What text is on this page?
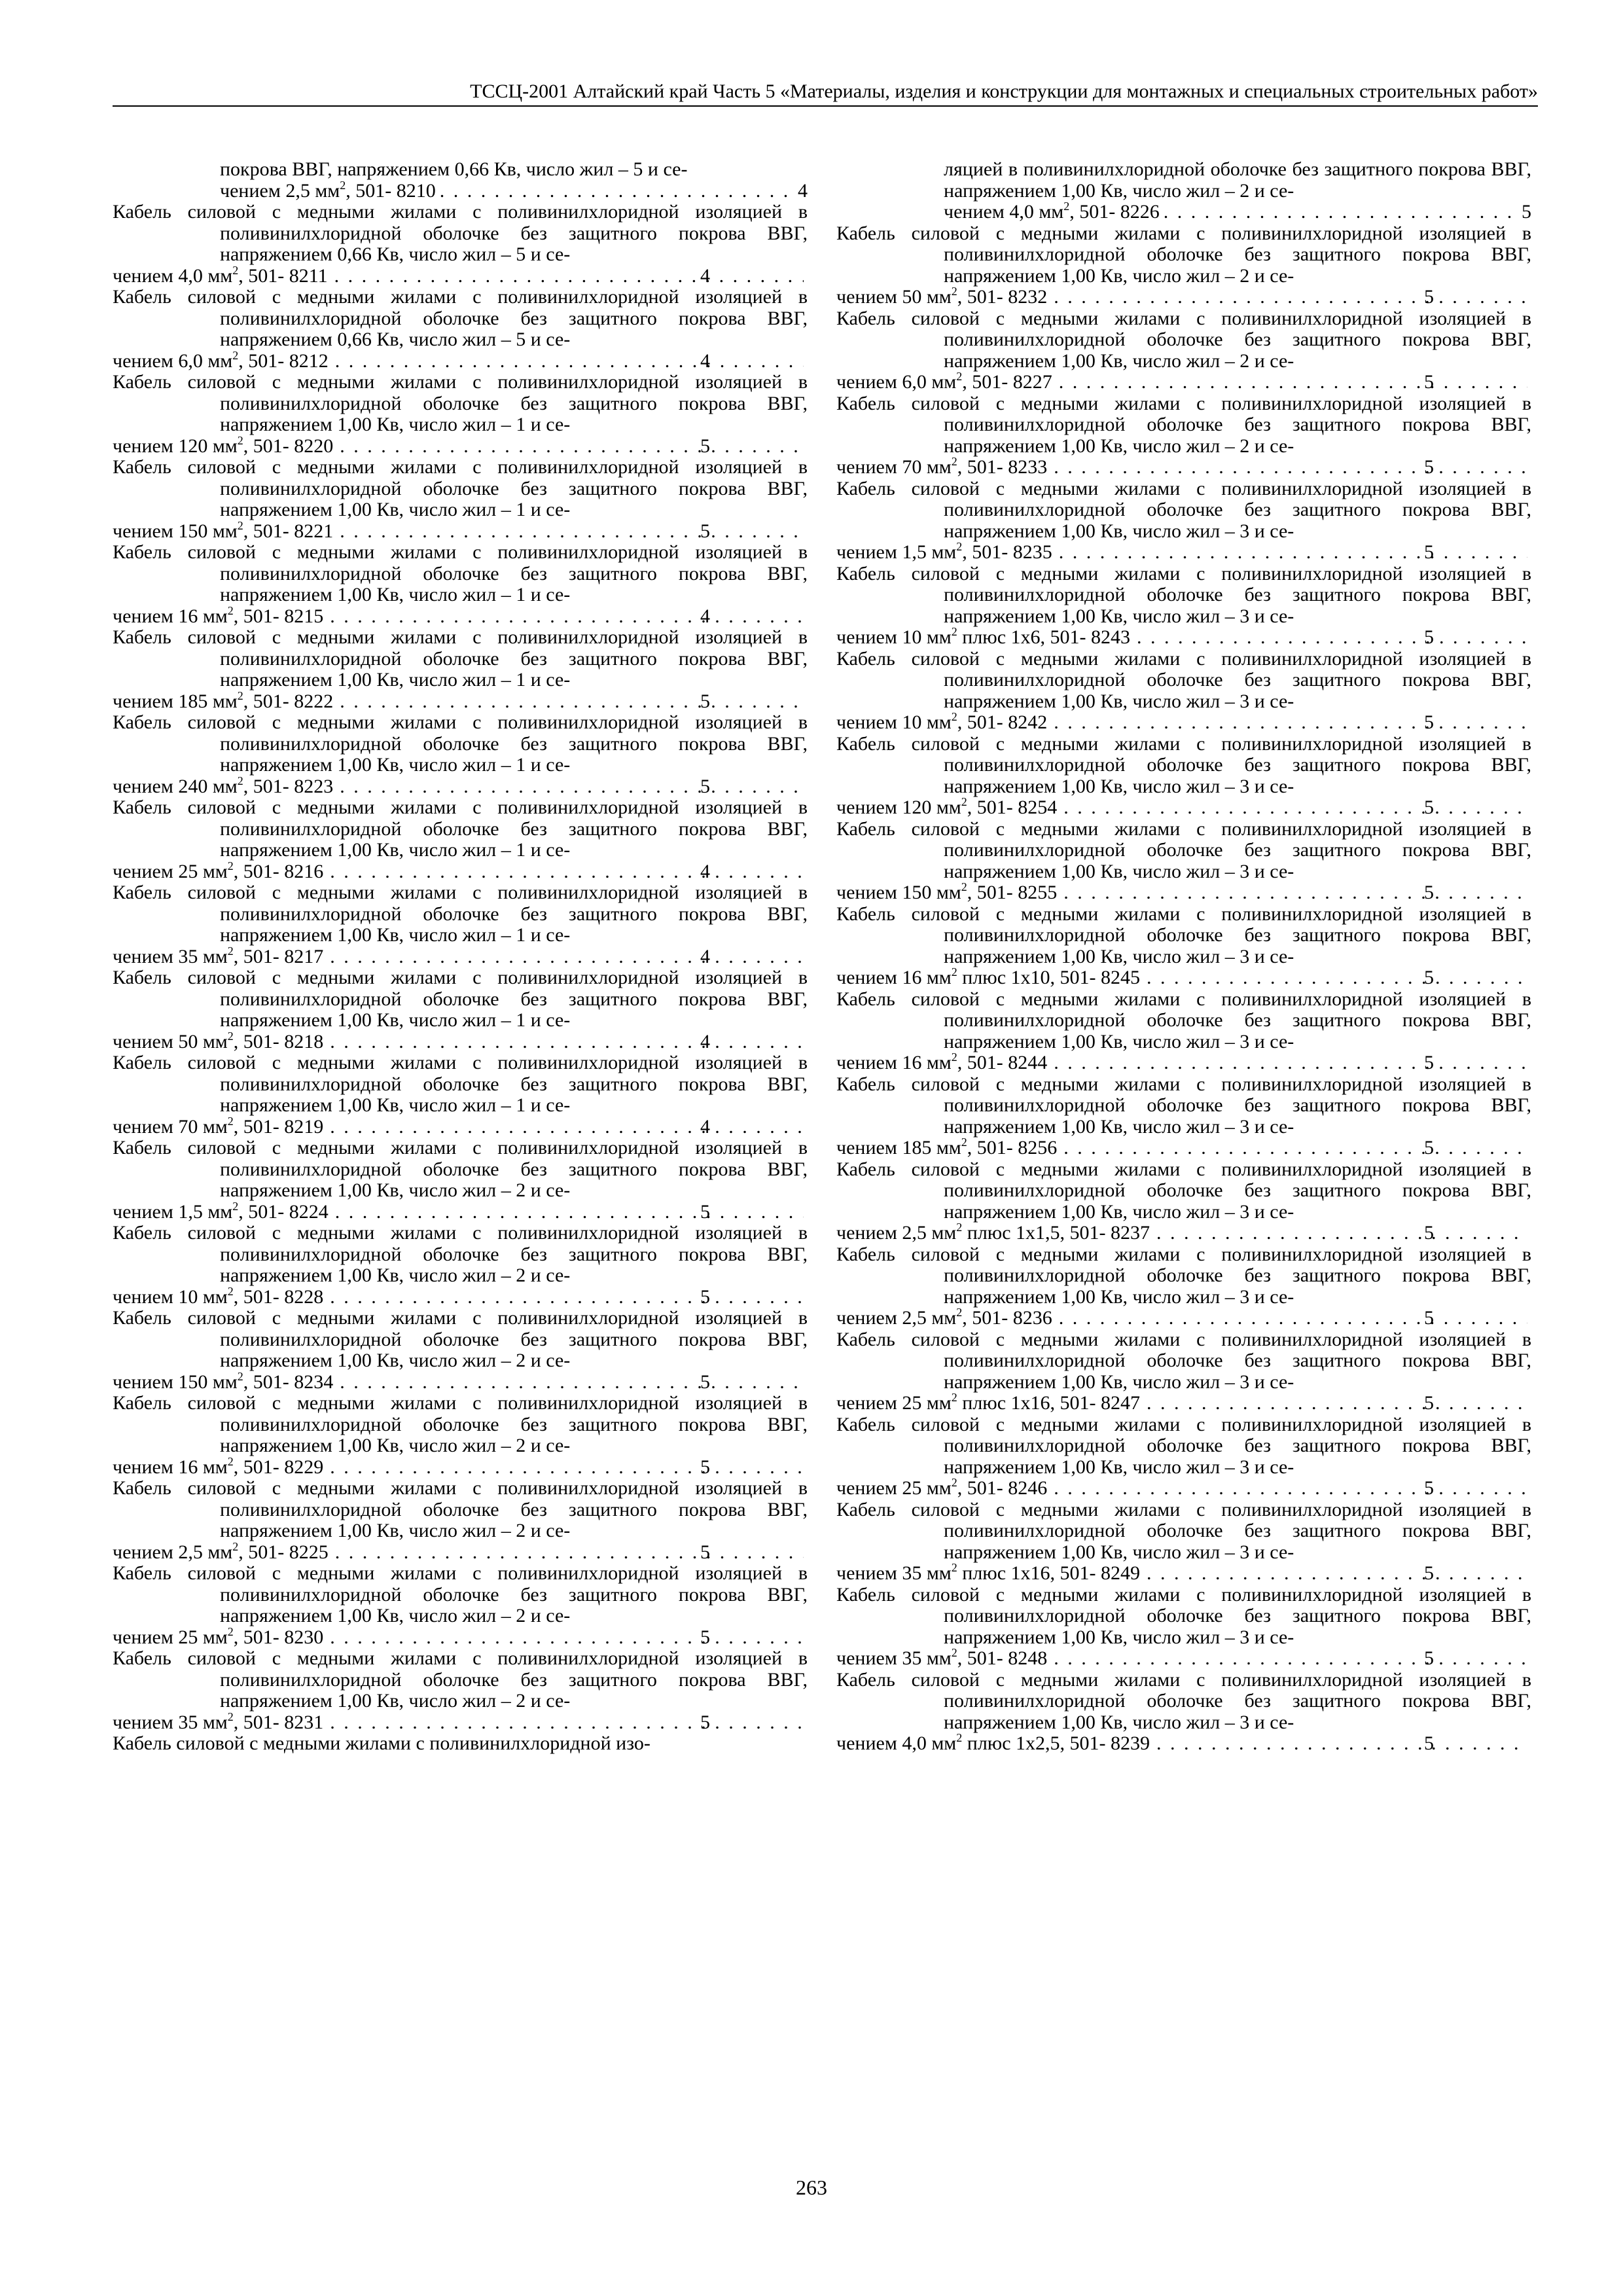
ТССЦ-2001 Алтайский край Часть 5 «Материалы, изделия и конструкции для монтажных и специальных строительных работ»
покрова ВВГ, напряжением 0,66 Кв, число жил – 5 и се-
чением 2,5 $мм^2$, 501- 8210 . . .	4
Кабель силовой с медными жилами с поливинилхлоридной изоляцией в поливинилхлоридной оболочке без защитного покрова ВВГ, напряжением 0,66 Кв, число жил – 5 и се-
чением 4,0 $мм^2$, 501- 8211 . . .	4
Кабель силовой с медными жилами с поливинилхлоридной изоляцией в поливинилхлоридной оболочке без защитного покрова ВВГ, напряжением 0,66 Кв, число жил – 5 и се-
чением 6,0 $мм^2$, 501- 8212 . . .	4
Кабель силовой с медными жилами с поливинилхлоридной изоляцией в поливинилхлоридной оболочке без защитного покрова ВВГ, напряжением 1,00 Кв, число жил – 1 и се-
чением 120 $мм^2$, 501- 8220 . . .	5
Кабель силовой с медными жилами с поливинилхлоридной изоляцией в поливинилхлоридной оболочке без защитного покрова ВВГ, напряжением 1,00 Кв, число жил – 1 и се-
чением 150 $мм^2$, 501- 8221 . . .	5
Кабель силовой с медными жилами с поливинилхлоридной изоляцией в поливинилхлоридной оболочке без защитного покрова ВВГ, напряжением 1,00 Кв, число жил – 1 и се-
чением 16 $мм^2$, 501- 8215 . . .	4
Кабель силовой с медными жилами с поливинилхлоридной изоляцией в поливинилхлоридной оболочке без защитного покрова ВВГ, напряжением 1,00 Кв, число жил – 1 и се-
чением 185 $мм^2$, 501- 8222 . . .	5
Кабель силовой с медными жилами с поливинилхлоридной изоляцией в поливинилхлоридной оболочке без защитного покрова ВВГ, напряжением 1,00 Кв, число жил – 1 и се-
чением 240 $мм^2$, 501- 8223 . . .	5
Кабель силовой с медными жилами с поливинилхлоридной изоляцией в поливинилхлоридной оболочке без защитного покрова ВВГ, напряжением 1,00 Кв, число жил – 1 и се-
чением 25 $мм^2$, 501- 8216 . . .	4
Кабель силовой с медными жилами с поливинилхлоридной изоляцией в поливинилхлоридной оболочке без защитного покрова ВВГ, напряжением 1,00 Кв, число жил – 1 и се-
чением 35 $мм^2$, 501- 8217 . . .	4
Кабель силовой с медными жилами с поливинилхлоридной изоляцией в поливинилхлоридной оболочке без защитного покрова ВВГ, напряжением 1,00 Кв, число жил – 1 и се-
чением 50 $мм^2$, 501- 8218 . . .	4
Кабель силовой с медными жилами с поливинилхлоридной изоляцией в поливинилхлоридной оболочке без защитного покрова ВВГ, напряжением 1,00 Кв, число жил – 1 и се-
чением 70 $мм^2$, 501- 8219 . . .	4
Кабель силовой с медными жилами с поливинилхлоридной изоляцией в поливинилхлоридной оболочке без защитного покрова ВВГ, напряжением 1,00 Кв, число жил – 2 и се-
чением 1,5 $мм^2$, 501- 8224 . . .	5
Кабель силовой с медными жилами с поливинилхлоридной изоляцией в поливинилхлоридной оболочке без защитного покрова ВВГ, напряжением 1,00 Кв, число жил – 2 и се-
чением 10 $мм^2$, 501- 8228 . . .	5
Кабель силовой с медными жилами с поливинилхлоридной изоляцией в поливинилхлоридной оболочке без защитного покрова ВВГ, напряжением 1,00 Кв, число жил – 2 и се-
чением 150 $мм^2$, 501- 8234 . . .	5
Кабель силовой с медными жилами с поливинилхлоридной изоляцией в поливинилхлоридной оболочке без защитного покрова ВВГ, напряжением 1,00 Кв, число жил – 2 и се-
чением 16 $мм^2$, 501- 8229 . . .	5
Кабель силовой с медными жилами с поливинилхлоридной изоляцией в поливинилхлоридной оболочке без защитного покрова ВВГ, напряжением 1,00 Кв, число жил – 2 и се-
чением 2,5 $мм^2$, 501- 8225 . . .	5
Кабель силовой с медными жилами с поливинилхлоридной изоляцией в поливинилхлоридной оболочке без защитного покрова ВВГ, напряжением 1,00 Кв, число жил – 2 и се-
чением 25 $мм^2$, 501- 8230 . . .	5
Кабель силовой с медными жилами с поливинилхлоридной изоляцией в поливинилхлоридной оболочке без защитного покрова ВВГ, напряжением 1,00 Кв, число жил – 2 и се-
чением 35 $мм^2$, 501- 8231 . . .	5
Кабель силовой с медными жилами с поливинилхлоридной изо-
ляцией в поливинилхлоридной оболочке без защитного покрова ВВГ, напряжением 1,00 Кв, число жил – 2 и се-
чением 4,0 $мм^2$, 501- 8226 . . .	5
Кабель силовой с медными жилами с поливинилхлоридной изоляцией в поливинилхлоридной оболочке без защитного покрова ВВГ, напряжением 1,00 Кв, число жил – 2 и се-
чением 50 $мм^2$, 501- 8232 . . .	5
Кабель силовой с медными жилами с поливинилхлоридной изоляцией в поливинилхлоридной оболочке без защитного покрова ВВГ, напряжением 1,00 Кв, число жил – 2 и се-
чением 6,0 $мм^2$, 501- 8227 . . .	5
Кабель силовой с медными жилами с поливинилхлоридной изоляцией в поливинилхлоридной оболочке без защитного покрова ВВГ, напряжением 1,00 Кв, число жил – 2 и се-
чением 70 $мм^2$, 501- 8233 . . .	5
Кабель силовой с медными жилами с поливинилхлоридной изоляцией в поливинилхлоридной оболочке без защитного покрова ВВГ, напряжением 1,00 Кв, число жил – 3 и се-
чением 1,5 $мм^2$, 501- 8235 . . .	5
Кабель силовой с медными жилами с поливинилхлоридной изоляцией в поливинилхлоридной оболочке без защитного покрова ВВГ, напряжением 1,00 Кв, число жил – 3 и се-
чением 10 $мм^2$ плюс 1х6, 501- 8243 . . .	5
Кабель силовой с медными жилами с поливинилхлоридной изоляцией в поливинилхлоридной оболочке без защитного покрова ВВГ, напряжением 1,00 Кв, число жил – 3 и се-
чением 10 $мм^2$, 501- 8242 . . .	5
Кабель силовой с медными жилами с поливинилхлоридной изоляцией в поливинилхлоридной оболочке без защитного покрова ВВГ, напряжением 1,00 Кв, число жил – 3 и се-
чением 120 $мм^2$, 501- 8254 . . .	5
Кабель силовой с медными жилами с поливинилхлоридной изоляцией в поливинилхлоридной оболочке без защитного покрова ВВГ, напряжением 1,00 Кв, число жил – 3 и се-
чением 150 $мм^2$, 501- 8255 . . .	5
Кабель силовой с медными жилами с поливинилхлоридной изоляцией в поливинилхлоридной оболочке без защитного покрова ВВГ, напряжением 1,00 Кв, число жил – 3 и се-
чением 16 $мм^2$ плюс 1х10, 501- 8245 . . .	5
Кабель силовой с медными жилами с поливинилхлоридной изоляцией в поливинилхлоридной оболочке без защитного покрова ВВГ, напряжением 1,00 Кв, число жил – 3 и се-
чением 16 $мм^2$, 501- 8244 . . .	5
Кабель силовой с медными жилами с поливинилхлоридной изоляцией в поливинилхлоридной оболочке без защитного покрова ВВГ, напряжением 1,00 Кв, число жил – 3 и се-
чением 185 $мм^2$, 501- 8256 . . .	5
Кабель силовой с медными жилами с поливинилхлоридной изоляцией в поливинилхлоридной оболочке без защитного покрова ВВГ, напряжением 1,00 Кв, число жил – 3 и се-
чением 2,5 $мм^2$ плюс 1х1,5, 501- 8237 . . .	5
Кабель силовой с медными жилами с поливинилхлоридной изоляцией в поливинилхлоридной оболочке без защитного покрова ВВГ, напряжением 1,00 Кв, число жил – 3 и се-
чением 2,5 $мм^2$, 501- 8236 . . .	5
Кабель силовой с медными жилами с поливинилхлоридной изоляцией в поливинилхлоридной оболочке без защитного покрова ВВГ, напряжением 1,00 Кв, число жил – 3 и се-
чением 25 $мм^2$ плюс 1х16, 501- 8247 . . .	5
Кабель силовой с медными жилами с поливинилхлоридной изоляцией в поливинилхлоридной оболочке без защитного покрова ВВГ, напряжением 1,00 Кв, число жил – 3 и се-
чением 25 $мм^2$, 501- 8246 . . .	5
Кабель силовой с медными жилами с поливинилхлоридной изоляцией в поливинилхлоридной оболочке без защитного покрова ВВГ, напряжением 1,00 Кв, число жил – 3 и се-
чением 35 $мм^2$ плюс 1х16, 501- 8249 . . .	5
Кабель силовой с медными жилами с поливинилхлоридной изоляцией в поливинилхлоридной оболочке без защитного покрова ВВГ, напряжением 1,00 Кв, число жил – 3 и се-
чением 35 $мм^2$, 501- 8248 . . .	5
Кабель силовой с медными жилами с поливинилхлоридной изоляцией в поливинилхлоридной оболочке без защитного покрова ВВГ, напряжением 1,00 Кв, число жил – 3 и се-
чением 4,0 $мм^2$ плюс 1х2,5, 501- 8239 . . .	5
263
